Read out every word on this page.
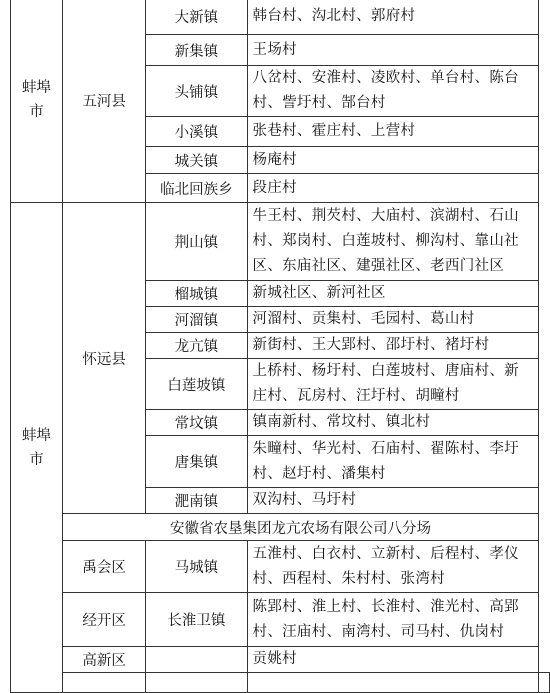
蚌埠市	五河县	大新镇	韩台村、沟北村、郭府村	
		新集镇	王场村	
		头铺镇	八岔村、安淮村、凌欧村、单台村、陈台村、訾圩村、郜台村	
		小溪镇	张巷村、霍庄村、上营村	
		城关镇	杨庵村	
		临北回族乡	段庄村	
蚌埠市	怀远县	荆山镇	牛王村、荆芡村、大庙村、滨湖村、石山村、郑岗村、白莲坡村、柳沟村、靠山社区、东庙社区、建强社区、老西门社区	
		榴城镇	新城社区、新河社区	
		河溜镇	河溜村、贡集村、毛园村、葛山村	
		龙亢镇	新街村、王大郢村、邵圩村、褚圩村	
		白莲坡镇	上桥村、杨圩村、白莲坡村、唐庙村、新庄村、瓦房村、汪圩村、胡疃村	
		常坟镇	镇南新村、常坟村、镇北村	
		唐集镇	朱疃村、华光村、石庙村、翟陈村、李圩村、赵圩村、潘集村	
		淝南镇	双沟村、马圩村	
	安徽省农垦集团龙亢农场有限公司八分场			
	禹会区	马城镇	五淮村、白衣村、立新村、后程村、孝仪村、西程村、朱村村、张湾村	
	经开区	长淮卫镇	陈郢村、淮上村、长淮村、淮光村、高郢村、汪庙村、南湾村、司马村、仇岗村	
	高新区		贡姚村	
